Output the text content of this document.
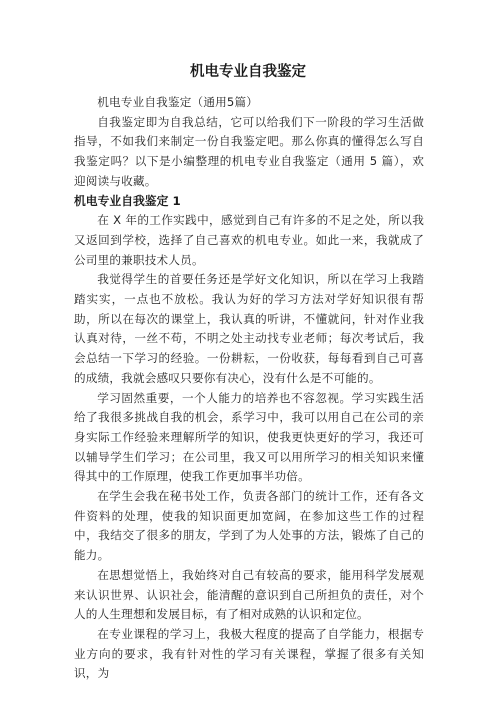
机电专业自我鉴定

机电专业自我鉴定（通用5篇）

自我鉴定即为自我总结，它可以给我们下一阶段的学习生活做指导，不如我们来制定一份自我鉴定吧。那么你真的懂得怎么写自我鉴定吗？以下是小编整理的机电专业自我鉴定（通用 5 篇），欢迎阅读与收藏。

机电专业自我鉴定 1

在 X 年的工作实践中，感觉到自己有许多的不足之处，所以我又返回到学校，选择了自己喜欢的机电专业。如此一来，我就成了公司里的兼职技术人员。

我觉得学生的首要任务还是学好文化知识，所以在学习上我踏踏实实，一点也不放松。我认为好的学习方法对学好知识很有帮助，所以在每次的课堂上，我认真的听讲，不懂就问，针对作业我认真对待，一丝不苟，不明之处主动找专业老师；每次考试后，我会总结一下学习的经验。一份耕耘，一份收获，每每看到自己可喜的成绩，我就会感叹只要你有决心，没有什么是不可能的。

学习固然重要，一个人能力的培养也不容忽视。学习实践生活给了我很多挑战自我的机会，系学习中，我可以用自己在公司的亲身实际工作经验来理解所学的知识，使我更快更好的学习，我还可以辅导学生们学习；在公司里，我又可以用所学习的相关知识来懂得其中的工作原理，使我工作更加事半功倍。

在学生会我在秘书处工作，负责各部门的统计工作，还有各文件资料的处理，使我的知识面更加宽阔，在参加这些工作的过程中，我结交了很多的朋友，学到了为人处事的方法，锻炼了自己的能力。

在思想觉悟上，我始终对自己有较高的要求，能用科学发展观来认识世界、认识社会，能清醒的意识到自己所担负的责任，对个人的人生理想和发展目标，有了相对成熟的认识和定位。

在专业课程的学习上，我极大程度的提高了自学能力，根据专业方向的要求，我有针对性的学习有关课程，掌握了很多有关知识，为
